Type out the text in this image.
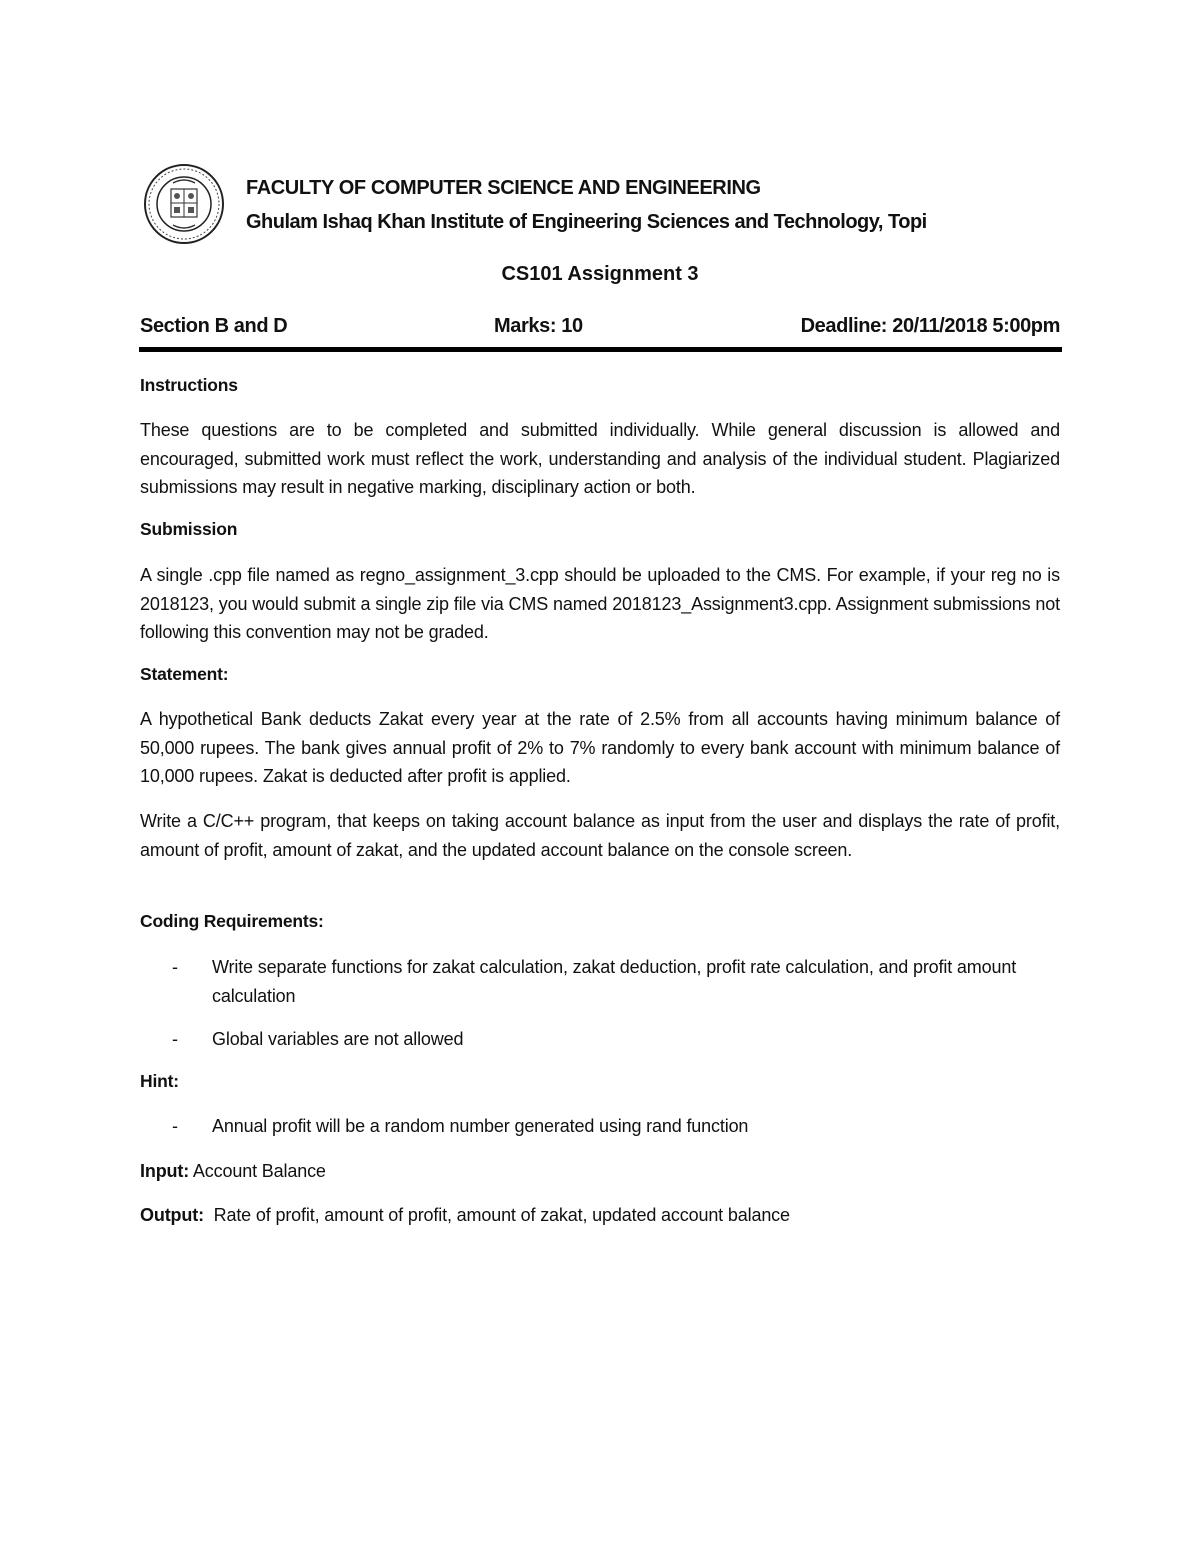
FACULTY OF COMPUTER SCIENCE AND ENGINEERING
Ghulam Ishaq Khan Institute of Engineering Sciences and Technology, Topi
CS101 Assignment 3
Section B and D	Marks: 10	Deadline: 20/11/2018 5:00pm
Instructions

These questions are to be completed and submitted individually. While general discussion is allowed and encouraged, submitted work must reflect the work, understanding and analysis of the individual student. Plagiarized submissions may result in negative marking, disciplinary action or both.

Submission

A single .cpp file named as regno_assignment_3.cpp should be uploaded to the CMS. For example, if your reg no is 2018123, you would submit a single zip file via CMS named 2018123_Assignment3.cpp. Assignment submissions not following this convention may not be graded.

Statement:

A hypothetical Bank deducts Zakat every year at the rate of 2.5% from all accounts having minimum balance of 50,000 rupees. The bank gives annual profit of 2% to 7% randomly to every bank account with minimum balance of 10,000 rupees. Zakat is deducted after profit is applied.

Write a C/C++ program, that keeps on taking account balance as input from the user and displays the rate of profit, amount of profit, amount of zakat, and the updated account balance on the console screen.

Coding Requirements:
- Write separate functions for zakat calculation, zakat deduction, profit rate calculation, and profit amount calculation

- Global variables are not allowed

Hint:
- Annual profit will be a random number generated using rand function

Input: Account Balance

Output:  Rate of profit, amount of profit, amount of zakat, updated account balance
